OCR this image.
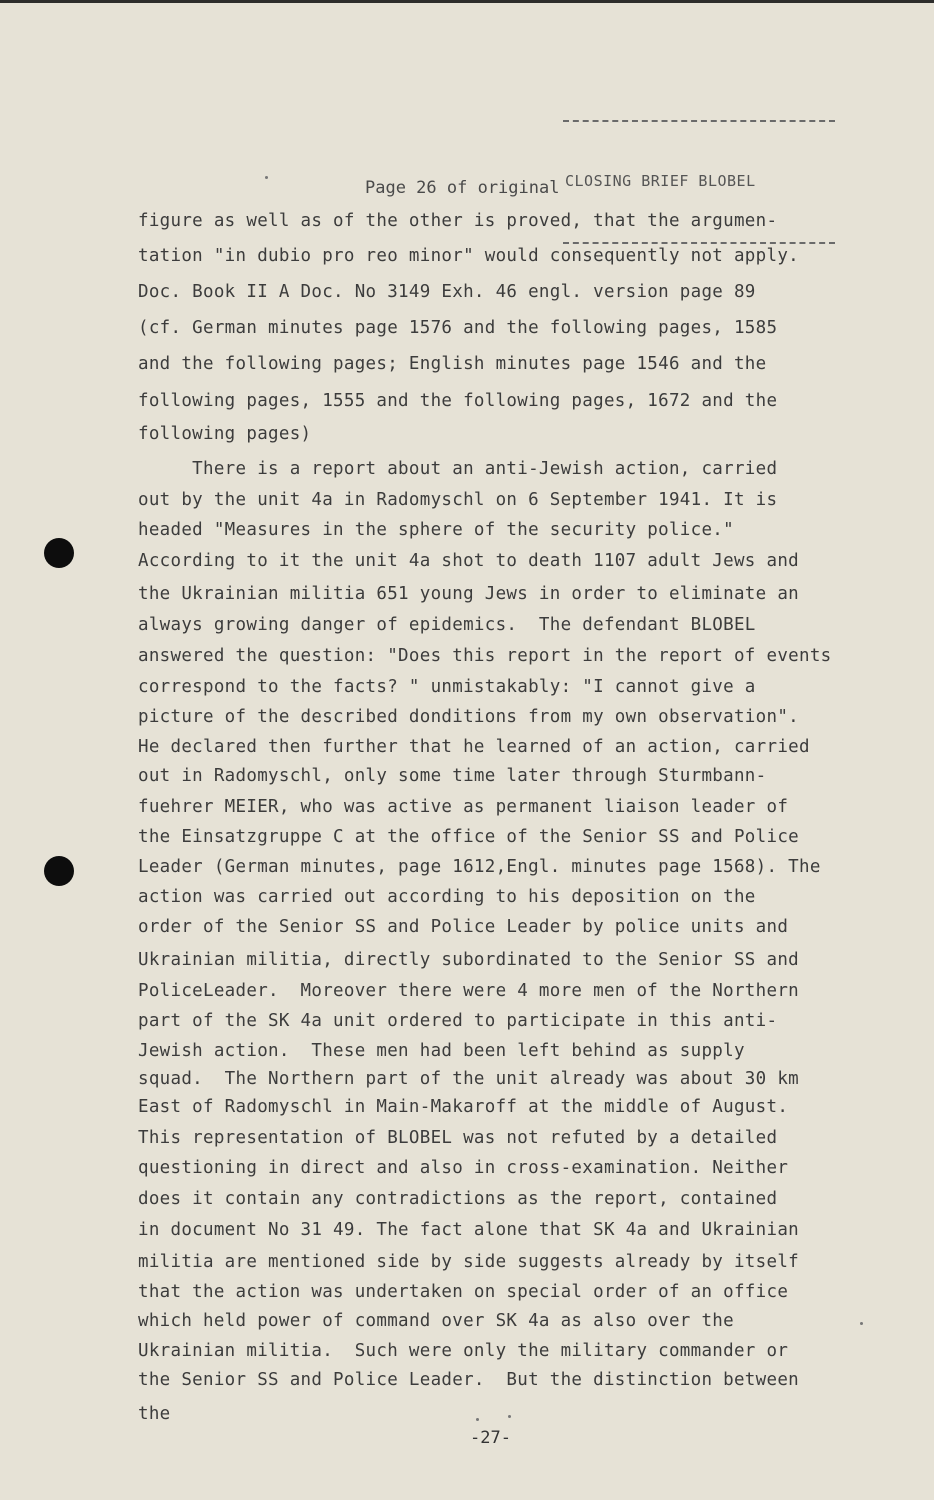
CLOSING BRIEF BLOBEL

Page 26 of original
figure as well as of the other is proved, that the argumen-
tation "in dubio pro reo minor" would consequently not apply.
Doc. Book II A Doc. No 3149 Exh. 46 engl. version page 89
(cf. German minutes page 1576 and the following pages, 1585
and the following pages; English minutes page 1546 and the
following pages, 1555 and the following pages, 1672 and the
following pages)
There is a report about an anti-Jewish action, carried
out by the unit 4a in Radomyschl on 6 September 1941. It is
headed "Measures in the sphere of the security police."
According to it the unit 4a shot to death 1107 adult Jews and
the Ukrainian militia 651 young Jews in order to eliminate an
always growing danger of epidemics.  The defendant BLOBEL
answered the question: "Does this report in the report of events
correspond to the facts? " unmistakably: "I cannot give a
picture of the described donditions from my own observation".
He declared then further that he learned of an action, carried
out in Radomyschl, only some time later through Sturmbann-
fuehrer MEIER, who was active as permanent liaison leader of
the Einsatzgruppe C at the office of the Senior SS and Police
Leader (German minutes, page 1612,Engl. minutes page 1568). The
action was carried out according to his deposition on the
order of the Senior SS and Police Leader by police units and
Ukrainian militia, directly subordinated to the Senior SS and
PoliceLeader.  Moreover there were 4 more men of the Northern
part of the SK 4a unit ordered to participate in this anti-
Jewish action.  These men had been left behind as supply
squad.  The Northern part of the unit already was about 30 km
East of Radomyschl in Main-Makaroff at the middle of August.
This representation of BLOBEL was not refuted by a detailed
questioning in direct and also in cross-examination. Neither
does it contain any contradictions as the report, contained
in document No 31 49. The fact alone that SK 4a and Ukrainian
militia are mentioned side by side suggests already by itself
that the action was undertaken on special order of an office
which held power of command over SK 4a as also over the
Ukrainian militia.  Such were only the military commander or
the Senior SS and Police Leader.  But the distinction between
the
-27-
